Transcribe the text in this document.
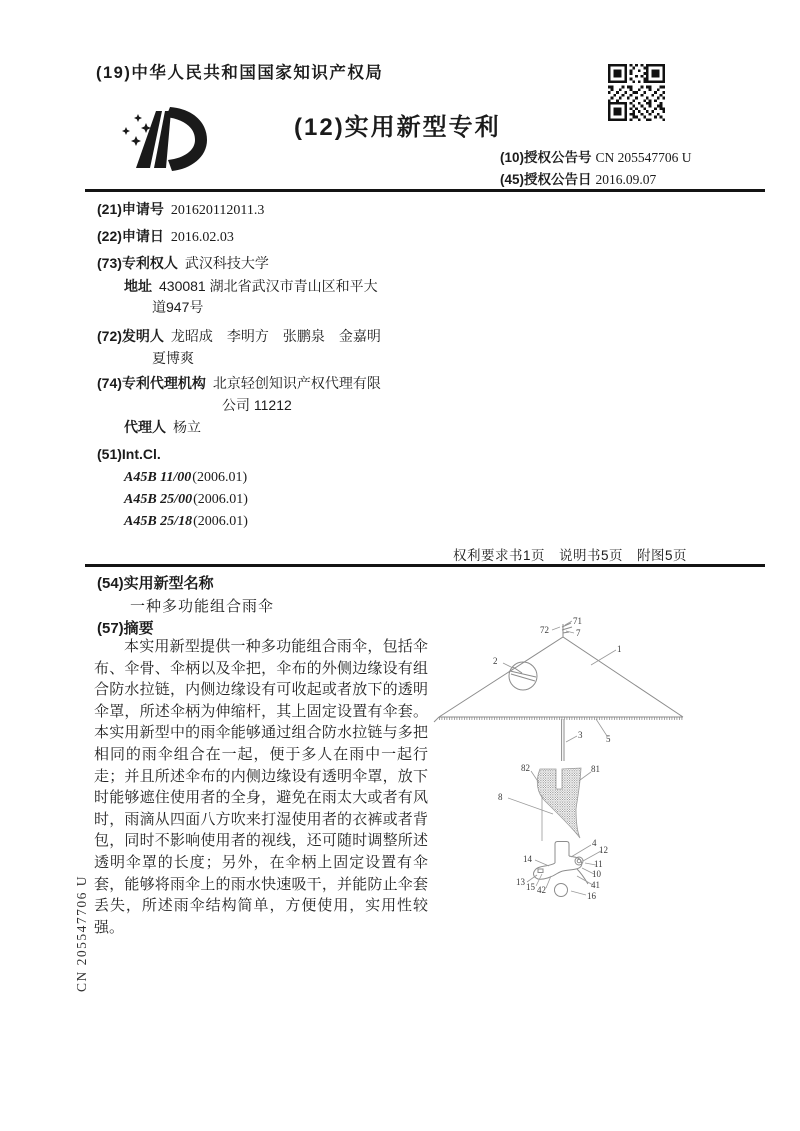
(19)中华人民共和国国家知识产权局
(12)实用新型专利
(10)授权公告号 CN 205547706 U
(45)授权公告日 2016.09.07
(21)申请号 201620112011.3
(22)申请日 2016.02.03
(73)专利权人 武汉科技大学
地址 430081 湖北省武汉市青山区和平大
道947号
(72)发明人 龙昭成　李明方　张鹏泉　金嘉明
夏博爽
(74)专利代理机构 北京轻创知识产权代理有限
公司 11212
代理人 杨立
(51)Int.Cl.
A45B 11/00(2006.01)
A45B 25/00(2006.01)
A45B 25/18(2006.01)
权利要求书1页　说明书5页　附图5页
(54)实用新型名称
一种多功能组合雨伞
(57)摘要
本实用新型提供一种多功能组合雨伞，包括伞布、伞骨、伞柄以及伞把，伞布的外侧边缘设有组合防水拉链，内侧边缘设有可收起或者放下的透明伞罩，所述伞柄为伸缩杆，其上固定设置有伞套。本实用新型中的雨伞能够通过组合防水拉链与多把相同的雨伞组合在一起，便于多人在雨中一起行走；并且所述伞布的内侧边缘设有透明伞罩，放下时能够遮住使用者的全身，避免在雨太大或者有风时，雨滴从四面八方吹来打湿使用者的衣裤或者背包，同时不影响使用者的视线，还可随时调整所述透明伞罩的长度；另外，在伞柄上固定设置有伞套，能够将雨伞上的雨水快速吸干，并能防止伞套丢失，所述雨伞结构简单，方便使用，实用性较强。
71
72	7
1
2
3	5
82	81
8
4
12
14	11
10
41
13 15 42
16
CN 205547706 U
